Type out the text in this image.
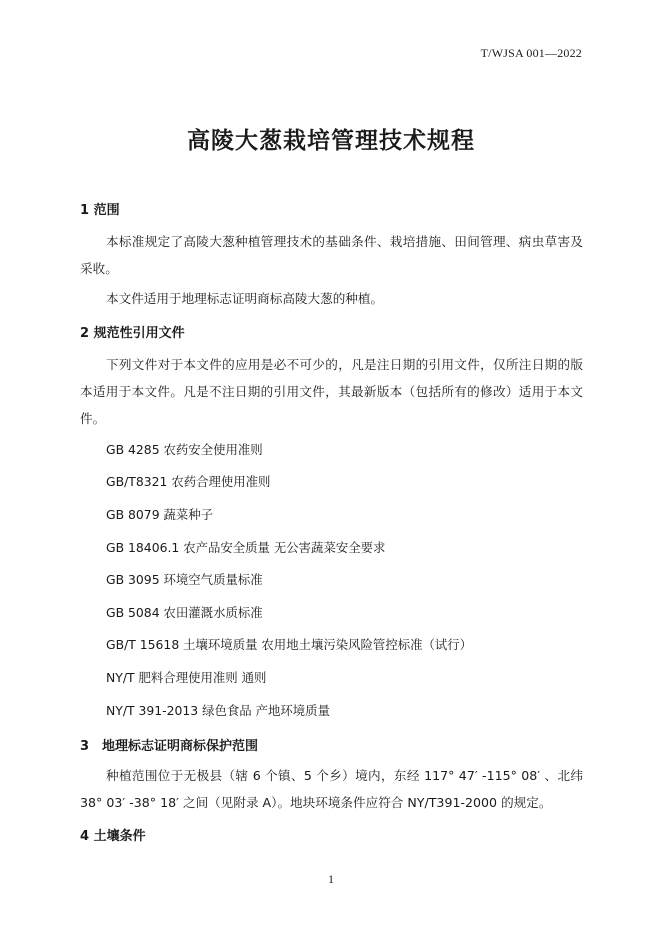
T/WJSA 001—2022
高陵大葱栽培管理技术规程
1 范围
本标准规定了高陵大葱种植管理技术的基础条件、栽培措施、田间管理、病虫草害及采收。
本文件适用于地理标志证明商标高陵大葱的种植。
2 规范性引用文件
下列文件对于本文件的应用是必不可少的，凡是注日期的引用文件，仅所注日期的版本适用于本文件。凡是不注日期的引用文件，其最新版本（包括所有的修改）适用于本文件。
GB 4285 农药安全使用准则
GB/T8321 农药合理使用准则
GB 8079 蔬菜种子
GB 18406.1 农产品安全质量 无公害蔬菜安全要求
GB 3095 环境空气质量标准
GB 5084 农田灌溉水质标准
GB/T 15618 土壤环境质量 农用地土壤污染风险管控标准（试行）
NY/T 肥料合理使用准则 通则
NY/T 391-2013 绿色食品 产地环境质量
3　地理标志证明商标保护范围
种植范围位于无极县（辖 6 个镇、5 个乡）境内，东经 117° 47′ -115° 08′ 、北纬 38° 03′ -38° 18′ 之间（见附录 A）。地块环境条件应符合 NY/T391-2000 的规定。
4 土壤条件
1
